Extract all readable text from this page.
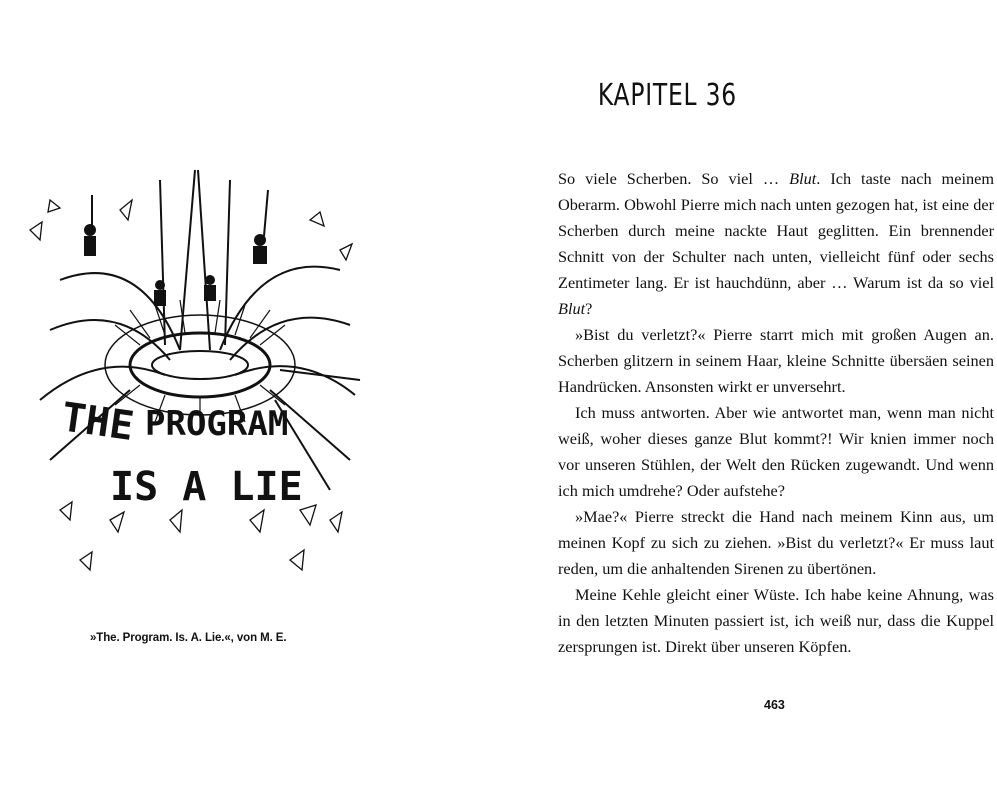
THE PROGRAM
IS A LIE
»The. Program. Is. A. Lie.«, von M. E.
KAPITEL 36

So viele Scherben. So viel … Blut. Ich taste nach meinem Oberarm. Obwohl Pierre mich nach unten gezogen hat, ist eine der Scherben durch meine nackte Haut geglitten. Ein brennender Schnitt von der Schulter nach unten, vielleicht fünf oder sechs Zentimeter lang. Er ist hauchdünn, aber … Warum ist da so viel Blut?

»Bist du verletzt?« Pierre starrt mich mit großen Augen an. Scherben glitzern in seinem Haar, kleine Schnitte übersäen seinen Handrücken. Ansonsten wirkt er unversehrt.

Ich muss antworten. Aber wie antwortet man, wenn man nicht weiß, woher dieses ganze Blut kommt?! Wir knien immer noch vor unseren Stühlen, der Welt den Rücken zugewandt. Und wenn ich mich umdrehe? Oder aufstehe?

»Mae?« Pierre streckt die Hand nach meinem Kinn aus, um meinen Kopf zu sich zu ziehen. »Bist du verletzt?« Er muss laut reden, um die anhaltenden Sirenen zu übertönen.

Meine Kehle gleicht einer Wüste. Ich habe keine Ahnung, was in den letzten Minuten passiert ist, ich weiß nur, dass die Kuppel zersprungen ist. Direkt über unseren Köpfen.

463
